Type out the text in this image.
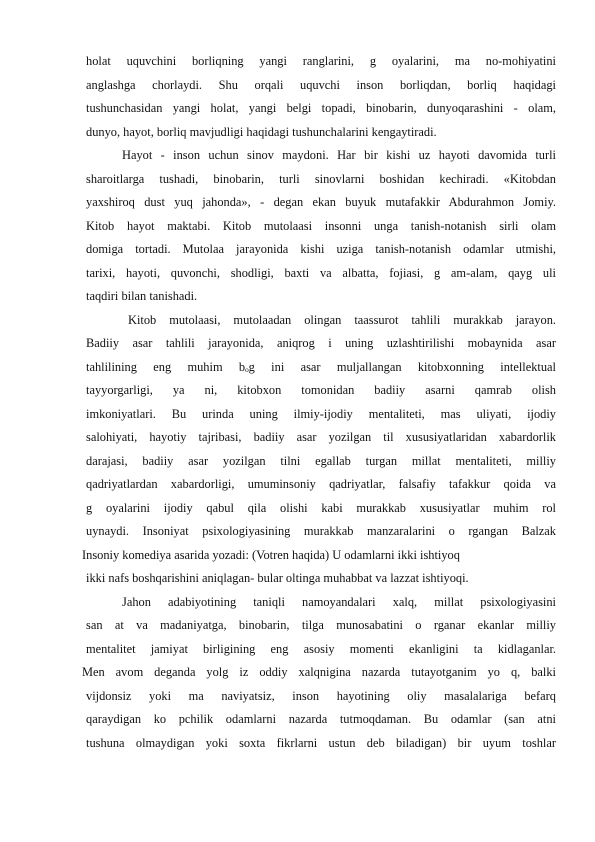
holat uquvchini borliqning yangi ranglarini, g oyalarini, ma no-mohiyatini
anglashga chorlaydi. Shu orqali uquvchi inson borliqdan, borliq haqidagi
tushunchasidan yangi holat, yangi belgi topadi, binobarin, dunyoqarashini - olam,
dunyo, hayot, borliq mavjudligi haqidagi tushunchalarini kengaytiradi.
Hayot - inson uchun sinov maydoni. Har bir kishi uz hayoti davomida turli
sharoitlarga tushadi, binobarin, turli sinovlarni boshidan kechiradi. «Kitobdan
yaxshiroq dust yuq jahonda», - degan ekan buyuk mutafakkir Abdurahmon Jomiy.
Kitob hayot maktabi. Kitob mutolaasi insonni unga tanish-notanish sirli olam
domiga tortadi. Mutolaa jarayonida kishi uziga tanish-notanish odamlar utmishi,
tarixi, hayoti, quvonchi, shodligi, baxti va albatta, fojiasi, g am-alam, qayg uli
taqdiri bilan tanishadi.
Kitob mutolaasi, mutolaadan olingan taassurot tahlili murakkab jarayon.
Badiiy asar tahlili jarayonida, aniqrog i uning uzlashtirilishi mobaynida asar
tahlilining eng muhim bₒg ini asar muljallangan kitobxonning intellektual
tayyorgarligi, ya ni, kitobxon tomonidan badiiy asarni qamrab olish
imkoniyatlari. Bu urinda uning ilmiy-ijodiy mentaliteti, mas uliyati, ijodiy
salohiyati, hayotiy tajribasi, badiiy asar yozilgan til xususiyatlaridan xabardorlik
darajasi, badiiy asar yozilgan tilni egallab turgan millat mentaliteti, milliy
qadriyatlardan xabardorligi, umuminsoniy qadriyatlar, falsafiy tafakkur qoida va
g oyalarini ijodiy qabul qila olishi kabi murakkab xususiyatlar muhim rol
uynaydi. Insoniyat psixologiyasining murakkab manzaralarini o rgangan Balzak
Insoniy komediya asarida yozadi: (Votren haqida) U odamlarni ikki ishtiyoq
ikki nafs boshqarishini aniqlagan- bular oltinga muhabbat va lazzat ishtiyoqi.
Jahon adabiyotining taniqli namoyandalari xalq, millat psixologiyasini
san at va madaniyatga, binobarin, tilga munosabatini o rganar ekanlar milliy
mentalitet jamiyat birligining eng asosiy momenti ekanligini ta kidlaganlar.
Men avom deganda yolg iz oddiy xalqnigina nazarda tutayotganim yo q, balki
vijdonsiz yoki ma naviyatsiz, inson hayotining oliy masalalariga befarq
qaraydigan ko pchilik odamlarni nazarda tutmoqdaman. Bu odamlar (san atni
tushuna olmaydigan yoki soxta fikrlarni ustun deb biladigan) bir uyum toshlar
